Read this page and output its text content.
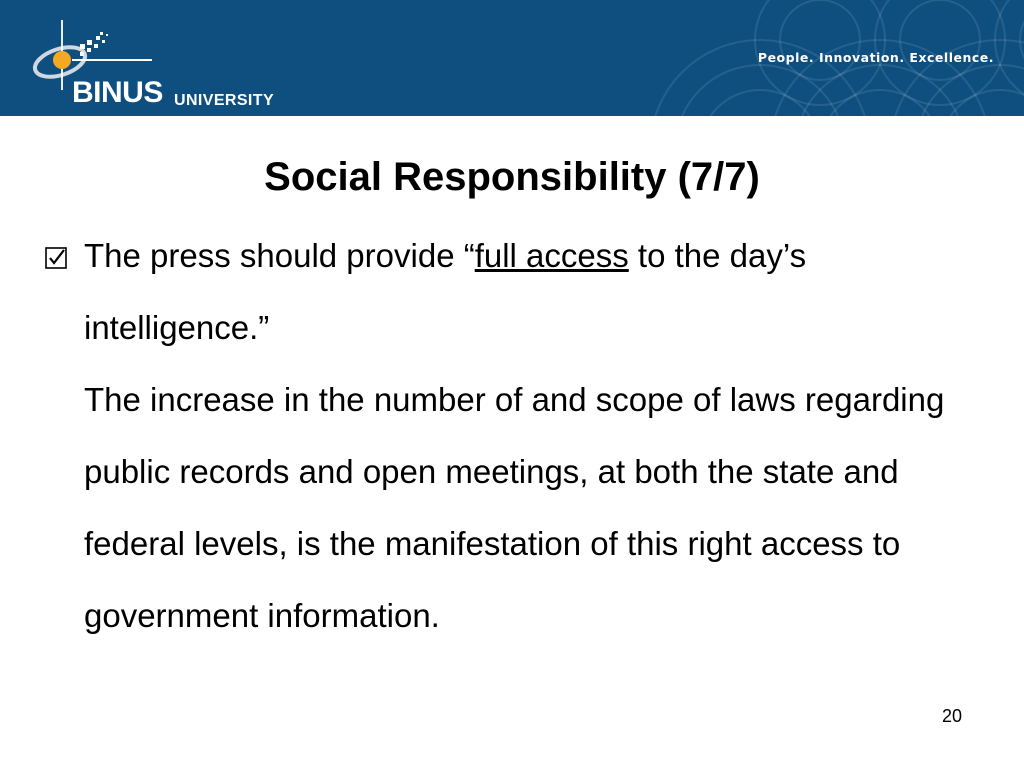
BINUS UNIVERSITY
People. Innovation. Excellence.
Social Responsibility (7/7)

The press should provide “full access to the day’s intelligence.”

The increase in the number of and scope of laws regarding public records and open meetings, at both the state and federal levels, is the manifestation of this right access to government information.

20
